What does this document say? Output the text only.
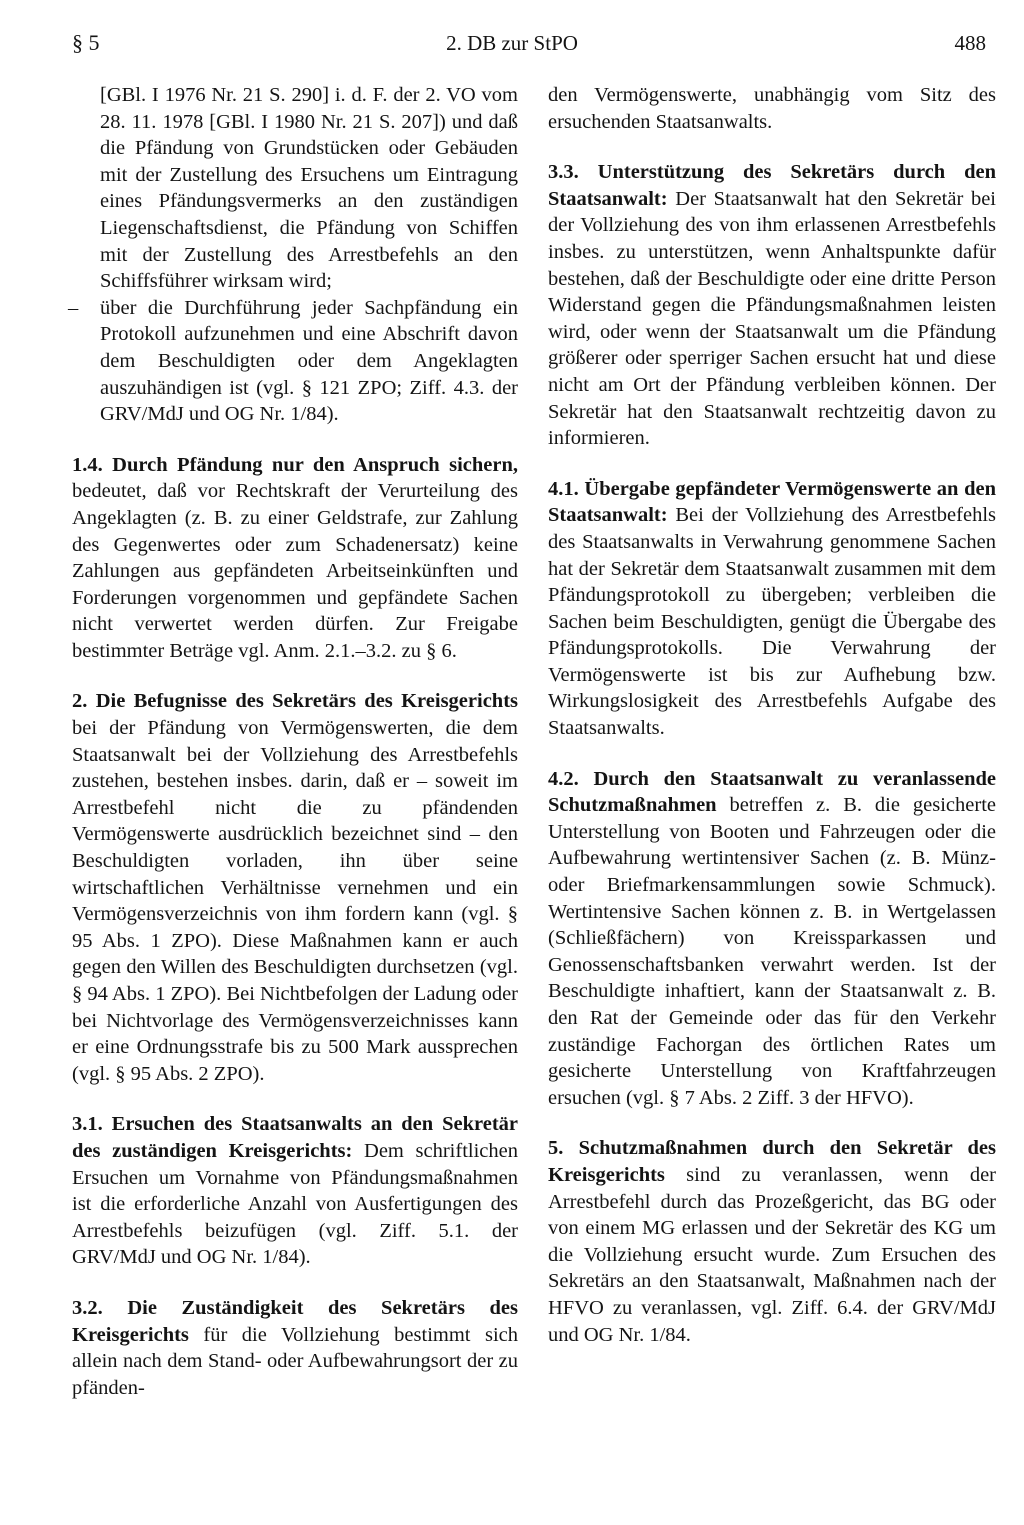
§ 5	2. DB zur StPO	488
[GBl. I 1976 Nr. 21 S. 290] i. d. F. der 2. VO vom 28. 11. 1978 [GBl. I 1980 Nr. 21 S. 207]) und daß die Pfändung von Grundstücken oder Gebäuden mit der Zustellung des Ersuchens um Eintragung eines Pfändungsvermerks an den zuständigen Liegenschaftsdienst, die Pfändung von Schiffen mit der Zustellung des Arrestbefehls an den Schiffsführer wirksam wird;
– über die Durchführung jeder Sachpfändung ein Protokoll aufzunehmen und eine Abschrift davon dem Beschuldigten oder dem Angeklagten auszuhändigen ist (vgl. § 121 ZPO; Ziff. 4.3. der GRV/MdJ und OG Nr. 1/84).

1.4. Durch Pfändung nur den Anspruch sichern, bedeutet, daß vor Rechtskraft der Verurteilung des Angeklagten (z. B. zu einer Geldstrafe, zur Zahlung des Gegenwertes oder zum Schadenersatz) keine Zahlungen aus gepfändeten Arbeitseinkünften und Forderungen vorgenommen und gepfändete Sachen nicht verwertet werden dürfen. Zur Freigabe bestimmter Beträge vgl. Anm. 2.1.–3.2. zu § 6.

2. Die Befugnisse des Sekretärs des Kreisgerichts bei der Pfändung von Vermögenswerten, die dem Staatsanwalt bei der Vollziehung des Arrestbefehls zustehen, bestehen insbes. darin, daß er – soweit im Arrestbefehl nicht die zu pfändenden Vermögenswerte ausdrücklich bezeichnet sind – den Beschuldigten vorladen, ihn über seine wirtschaftlichen Verhältnisse vernehmen und ein Vermögensverzeichnis von ihm fordern kann (vgl. § 95 Abs. 1 ZPO). Diese Maßnahmen kann er auch gegen den Willen des Beschuldigten durchsetzen (vgl. § 94 Abs. 1 ZPO). Bei Nichtbefolgen der Ladung oder bei Nichtvorlage des Vermögensverzeichnisses kann er eine Ordnungsstrafe bis zu 500 Mark aussprechen (vgl. § 95 Abs. 2 ZPO).

3.1. Ersuchen des Staatsanwalts an den Sekretär des zuständigen Kreisgerichts: Dem schriftlichen Ersuchen um Vornahme von Pfändungsmaßnahmen ist die erforderliche Anzahl von Ausfertigungen des Arrestbefehls beizufügen (vgl. Ziff. 5.1. der GRV/MdJ und OG Nr. 1/84).

3.2. Die Zuständigkeit des Sekretärs des Kreisgerichts für die Vollziehung bestimmt sich allein nach dem Stand- oder Aufbewahrungsort der zu pfänden-

den Vermögenswerte, unabhängig vom Sitz des ersuchenden Staatsanwalts.

3.3. Unterstützung des Sekretärs durch den Staatsanwalt: Der Staatsanwalt hat den Sekretär bei der Vollziehung des von ihm erlassenen Arrestbefehls insbes. zu unterstützen, wenn Anhaltspunkte dafür bestehen, daß der Beschuldigte oder eine dritte Person Widerstand gegen die Pfändungsmaßnahmen leisten wird, oder wenn der Staatsanwalt um die Pfändung größerer oder sperriger Sachen ersucht hat und diese nicht am Ort der Pfändung verbleiben können. Der Sekretär hat den Staatsanwalt rechtzeitig davon zu informieren.

4.1. Übergabe gepfändeter Vermögenswerte an den Staatsanwalt: Bei der Vollziehung des Arrestbefehls des Staatsanwalts in Verwahrung genommene Sachen hat der Sekretär dem Staatsanwalt zusammen mit dem Pfändungsprotokoll zu übergeben; verbleiben die Sachen beim Beschuldigten, genügt die Übergabe des Pfändungsprotokolls. Die Verwahrung der Vermögenswerte ist bis zur Aufhebung bzw. Wirkungslosigkeit des Arrestbefehls Aufgabe des Staatsanwalts.

4.2. Durch den Staatsanwalt zu veranlassende Schutzmaßnahmen betreffen z. B. die gesicherte Unterstellung von Booten und Fahrzeugen oder die Aufbewahrung wertintensiver Sachen (z. B. Münz- oder Briefmarkensammlungen sowie Schmuck). Wertintensive Sachen können z. B. in Wertgelassen (Schließfächern) von Kreissparkassen und Genossenschaftsbanken verwahrt werden. Ist der Beschuldigte inhaftiert, kann der Staatsanwalt z. B. den Rat der Gemeinde oder das für den Verkehr zuständige Fachorgan des örtlichen Rates um gesicherte Unterstellung von Kraftfahrzeugen ersuchen (vgl. § 7 Abs. 2 Ziff. 3 der HFVO).

5. Schutzmaßnahmen durch den Sekretär des Kreisgerichts sind zu veranlassen, wenn der Arrestbefehl durch das Prozeßgericht, das BG oder von einem MG erlassen und der Sekretär des KG um die Vollziehung ersucht wurde. Zum Ersuchen des Sekretärs an den Staatsanwalt, Maßnahmen nach der HFVO zu veranlassen, vgl. Ziff. 6.4. der GRV/MdJ und OG Nr. 1/84.
